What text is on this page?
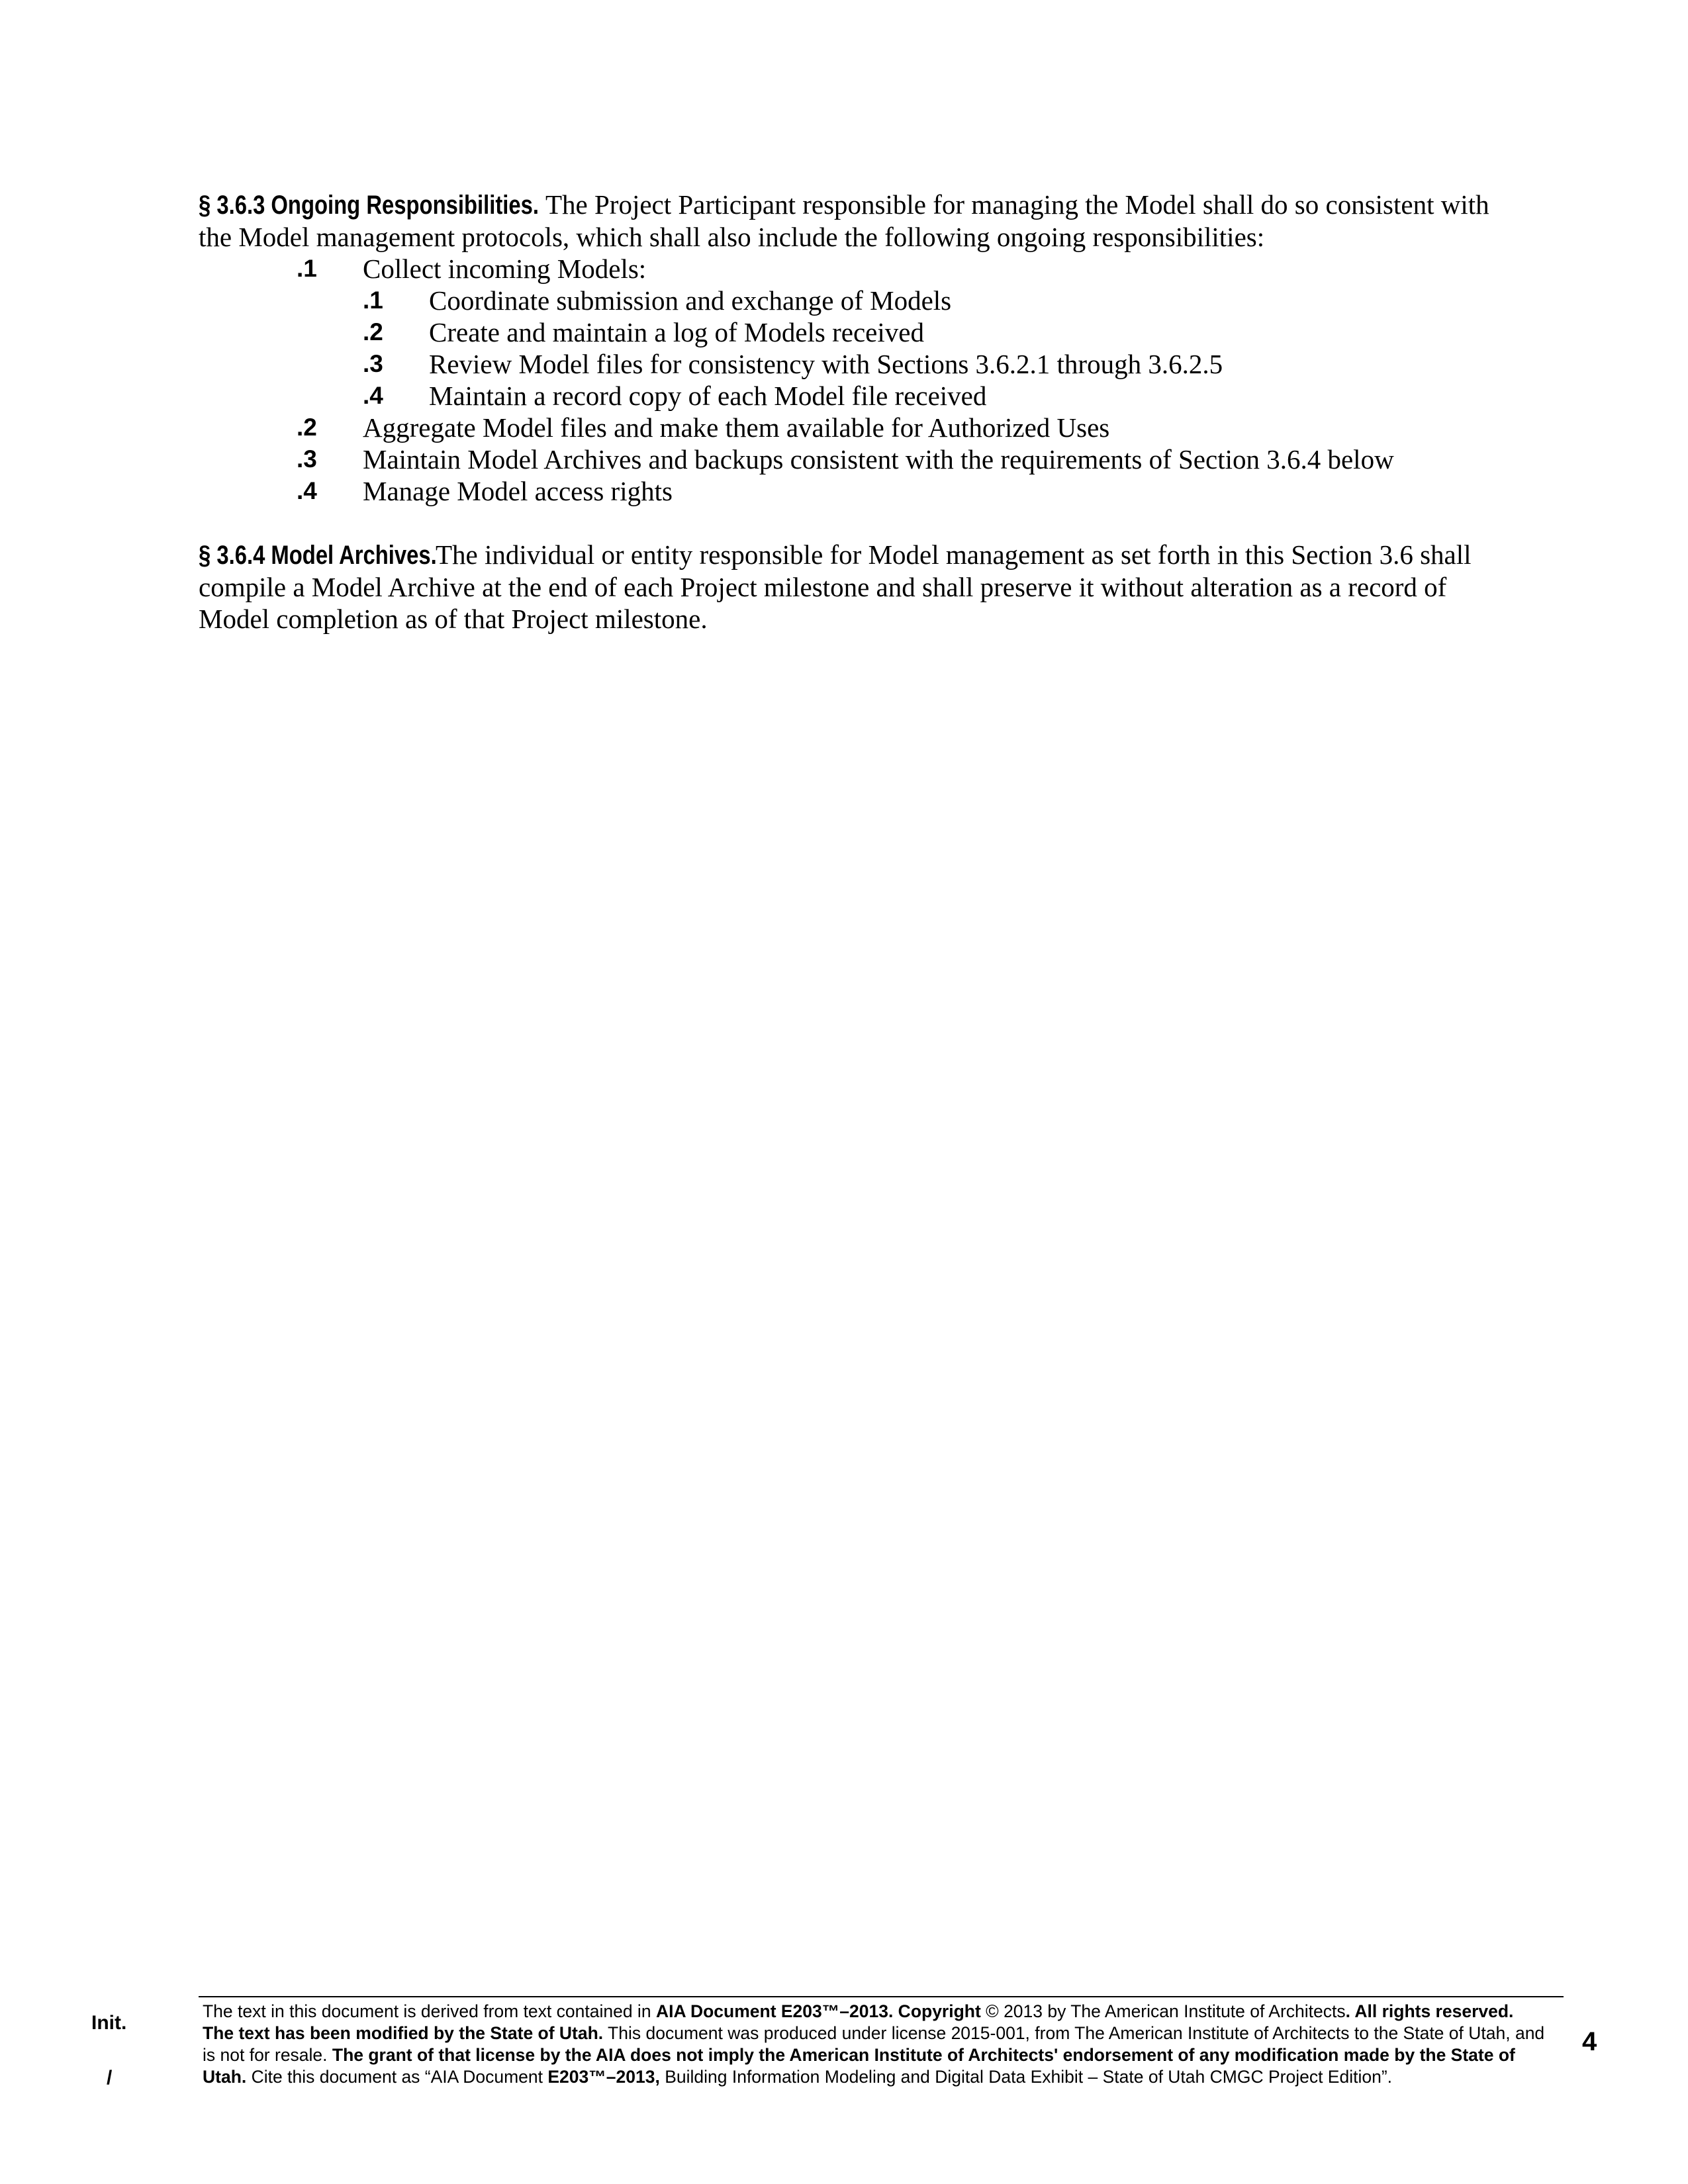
§ 3.6.3 Ongoing Responsibilities. The Project Participant responsible for managing the Model shall do so consistent with
the Model management protocols, which shall also include the following ongoing responsibilities:
.1 Collect incoming Models:
.1 Coordinate submission and exchange of Models
.2 Create and maintain a log of Models received
.3 Review Model files for consistency with Sections 3.6.2.1 through 3.6.2.5
.4 Maintain a record copy of each Model file received
.2 Aggregate Model files and make them available for Authorized Uses
.3 Maintain Model Archives and backups consistent with the requirements of Section 3.6.4 below
.4 Manage Model access rights
§ 3.6.4 Model Archives.The individual or entity responsible for Model management as set forth in this Section 3.6 shall
compile a Model Archive at the end of each Project milestone and shall preserve it without alteration as a record of
Model completion as of that Project milestone.
Init.
/
The text in this document is derived from text contained in AIA Document E203™–2013. Copyright © 2013 by The American Institute of Architects. All rights reserved. The text has been modified by the State of Utah. This document was produced under license 2015-001, from The American Institute of Architects to the State of Utah, and is not for resale. The grant of that license by the AIA does not imply the American Institute of Architects' endorsement of any modification made by the State of Utah. Cite this document as “AIA Document E203™–2013, Building Information Modeling and Digital Data Exhibit – State of Utah CMGC Project Edition”.
4
